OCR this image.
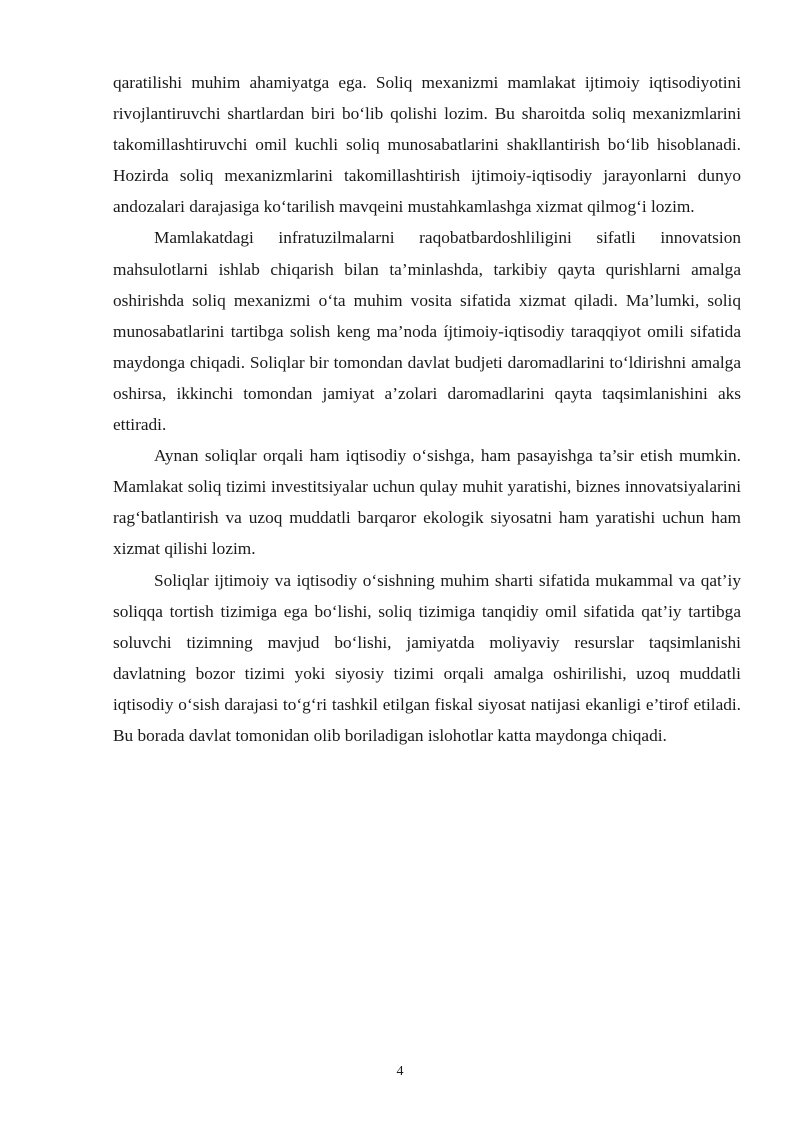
qaratilishi muhim ahamiyatga ega. Soliq mexanizmi mamlakat ijtimoiy iqtisodiyotini rivojlantiruvchi shartlardan biri bo‘lib qolishi lozim. Bu sharoitda soliq mexanizmlarini takomillashtiruvchi omil kuchli soliq munosabatlarini shakllantirish bo‘lib hisoblanadi. Hozirda soliq mexanizmlarini takomillashtirish ijtimoiy-iqtisodiy jarayonlarni dunyo andozalari darajasiga ko‘tarilish mavqeini mustahkamlashga xizmat qilmog‘i lozim.

Mamlakatdagi infratuzilmalarni raqobatbardoshliligini sifatli innovatsion mahsulotlarni ishlab chiqarish bilan ta’minlashda, tarkibiy qayta qurishlarni amalga oshirishda soliq mexanizmi o‘ta muhim vosita sifatida xizmat qiladi. Ma’lumki, soliq munosabatlarini tartibga solish keng ma’noda íjtimoiy-iqtisodiy taraqqiyot omili sifatida maydonga chiqadi. Soliqlar bir tomondan davlat budjeti daromadlarini to‘ldirishni amalga oshirsa, ikkinchi tomondan jamiyat a’zolari daromadlarini qayta taqsimlanishini aks ettiradi.

Aynan soliqlar orqali ham iqtisodiy o‘sishga, ham pasayishga ta’sir etish mumkin. Mamlakat soliq tizimi investitsiyalar uchun qulay muhit yaratishi, biznes innovatsiyalarini rag‘batlantirish va uzoq muddatli barqaror ekologik siyosatni ham yaratishi uchun ham xizmat qilishi lozim.

Soliqlar ijtimoiy va iqtisodiy o‘sishning muhim sharti sifatida mukammal va qat’iy soliqqa tortish tizimiga ega bo‘lishi, soliq tizimiga tanqidiy omil sifatida qat’iy tartibga soluvchi tizimning mavjud bo‘lishi, jamiyatda moliyaviy resurslar taqsimlanishi davlatning bozor tizimi yoki siyosiy tizimi orqali amalga oshirilishi, uzoq muddatli iqtisodiy o‘sish darajasi to‘g‘ri tashkil etilgan fiskal siyosat natijasi ekanligi e’tirof etiladi. Bu borada davlat tomonidan olib boriladigan islohotlar katta maydonga chiqadi.

4
